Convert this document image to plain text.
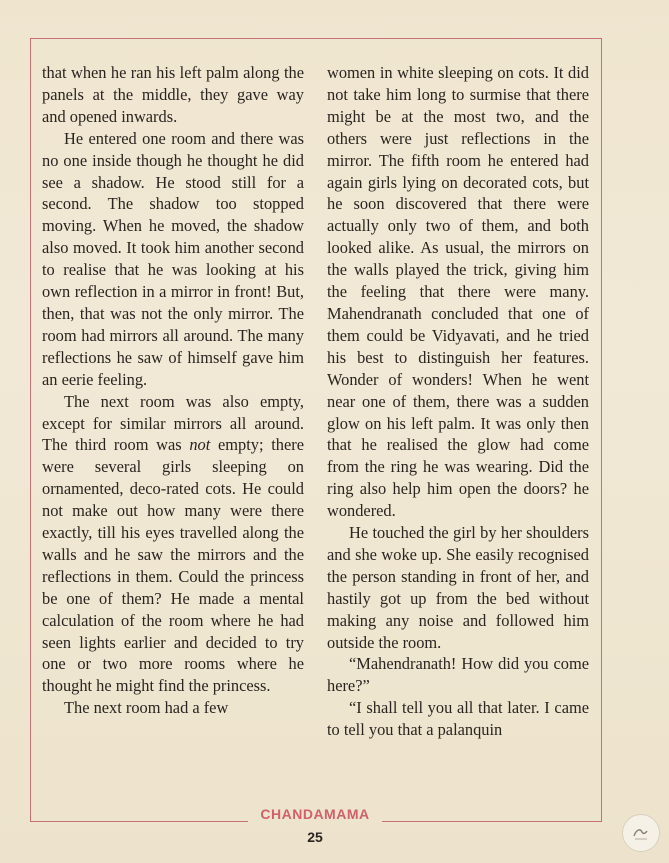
that when he ran his left palm along the panels at the middle, they gave way and opened inwards.

He entered one room and there was no one inside though he thought he did see a shadow. He stood still for a second. The shadow too stopped moving. When he moved, the shadow also moved. It took him another second to realise that he was looking at his own reflection in a mirror in front! But, then, that was not the only mirror. The room had mirrors all around. The many reflections he saw of himself gave him an eerie feeling.

The next room was also empty, except for similar mirrors all around. The third room was not empty; there were several girls sleeping on ornamented, deco-rated cots. He could not make out how many were there exactly, till his eyes travelled along the walls and he saw the mirrors and the reflections in them. Could the princess be one of them? He made a mental calculation of the room where he had seen lights earlier and decided to try one or two more rooms where he thought he might find the princess.

The next room had a few

women in white sleeping on cots. It did not take him long to surmise that there might be at the most two, and the others were just reflections in the mirror. The fifth room he entered had again girls lying on decorated cots, but he soon discovered that there were actually only two of them, and both looked alike. As usual, the mirrors on the walls played the trick, giving him the feeling that there were many. Mahendranath concluded that one of them could be Vidyavati, and he tried his best to distinguish her features. Wonder of wonders! When he went near one of them, there was a sudden glow on his left palm. It was only then that he realised the glow had come from the ring he was wearing. Did the ring also help him open the doors? he wondered.

He touched the girl by her shoulders and she woke up. She easily recognised the person standing in front of her, and hastily got up from the bed without making any noise and followed him outside the room.

“Mahendranath! How did you come here?”

“I shall tell you all that later. I came to tell you that a palanquin

CHANDAMAMA
25
